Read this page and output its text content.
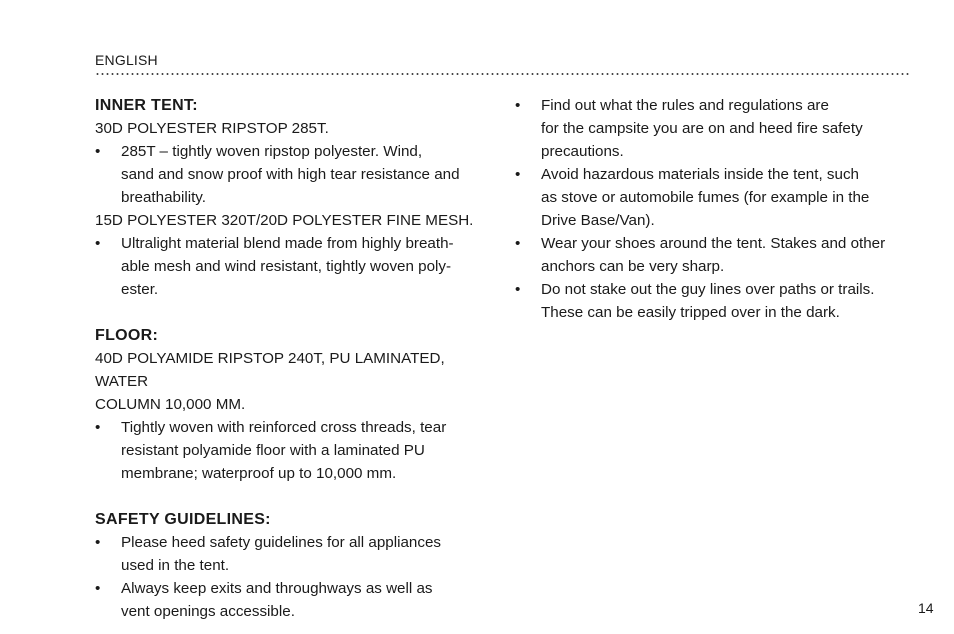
ENGLISH
INNER TENT:
30D POLYESTER RIPSTOP 285T.
•	285T – tightly woven ripstop polyester. Wind,
sand and snow proof with high tear resistance and
breathability.
15D POLYESTER 320T/20D POLYESTER FINE MESH.
•	Ultralight material blend made from highly breath-
able mesh and wind resistant, tightly woven poly-
ester.
FLOOR:
40D POLYAMIDE RIPSTOP 240T, PU LAMINATED, WATER
COLUMN 10,000 MM.
•	Tightly woven with reinforced cross threads, tear
resistant polyamide floor with a laminated PU
membrane; waterproof up to 10,000 mm.
SAFETY GUIDELINES:
•	Please heed safety guidelines for all appliances
used in the tent.
•	Always keep exits and throughways as well as
vent openings accessible.
•	Find out what the rules and regulations are
for the campsite you are on and heed fire safety
precautions.
•	Avoid hazardous materials inside the tent, such
as stove or automobile fumes (for example in the
Drive Base/Van).
•	Wear your shoes around the tent. Stakes and other
anchors can be very sharp.
•	Do not stake out the guy lines over paths or trails.
These can be easily tripped over in the dark.
14
